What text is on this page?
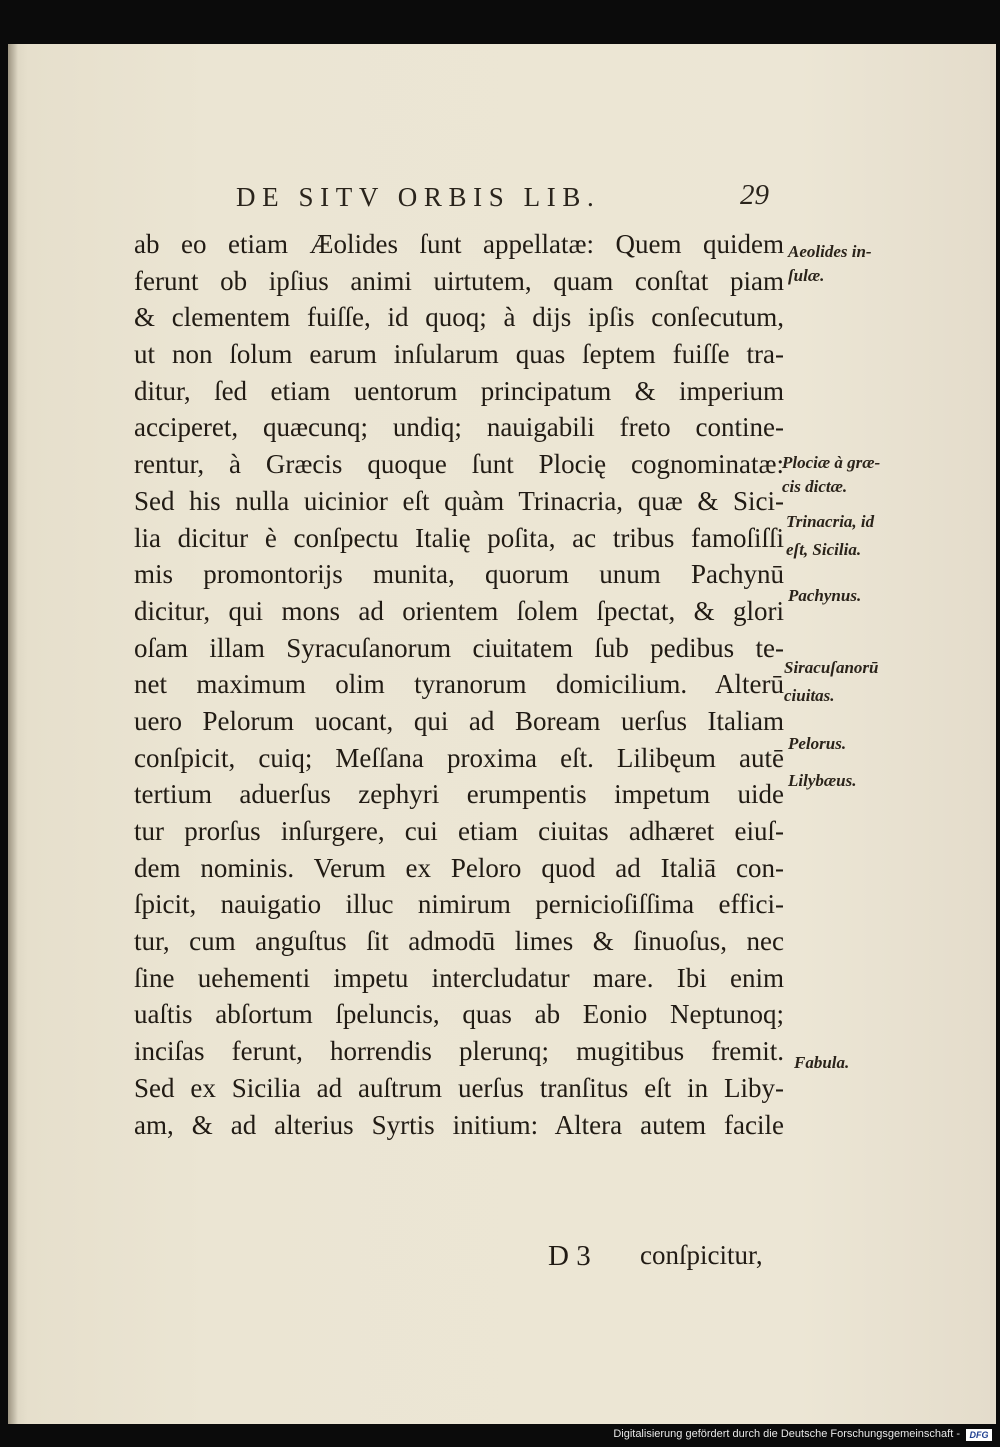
DE SITV ORBIS LIB.	29
ab eo etiam Æolides ſunt appellatæ: Quem quidem
ferunt ob ipſius animi uirtutem, quam conſtat piam
& clementem fuiſſe, id quoq; à dijs ipſis conſecutum,
ut non ſolum earum inſularum quas ſeptem fuiſſe tra-
ditur, ſed etiam uentorum principatum & imperium
acciperet, quæcunq; undiq; nauigabili freto contine-
rentur, à Græcis quoque ſunt Plocię cognominatæ:
Sed his nulla uicinior eſt quàm Trinacria, quæ & Sici-
lia dicitur è conſpectu Italię poſita, ac tribus famoſiſſi
mis promontorijs munita, quorum unum Pachynū
dicitur, qui mons ad orientem ſolem ſpectat, & glori
oſam illam Syracuſanorum ciuitatem ſub pedibus te-
net maximum olim tyranorum domicilium. Alterū
uero Pelorum uocant, qui ad Boream uerſus Italiam
conſpicit, cuiq; Meſſana proxima eſt. Lilibęum autē
tertium aduerſus zephyri erumpentis impetum uide
tur prorſus inſurgere, cui etiam ciuitas adhæret eiuſ-
dem nominis. Verum ex Peloro quod ad Italiā con-
ſpicit, nauigatio illuc nimirum pernicioſiſſima effici-
tur, cum anguſtus ſit admodū limes & ſinuoſus, nec
ſine uehementi impetu intercludatur mare. Ibi enim
uaſtis abſortum ſpeluncis, quas ab Eonio Neptunoq;
inciſas ferunt, horrendis plerunq; mugitibus fremit.
Sed ex Sicilia ad auſtrum uerſus tranſitus eſt in Liby-
am, & ad alterius Syrtis initium: Altera autem facile
D 3 conſpicitur,
Aeolides in-
ſulæ.
Plociæ à græ-
cis dictæ.
Trinacria, id
eſt, Sicilia.
Pachynus.
Siracuſanorū
ciuitas.
Pelorus.
Lilybæus.
Fabula.
Digitalisierung gefördert durch die Deutsche Forschungsgemeinschaft -	DFG
